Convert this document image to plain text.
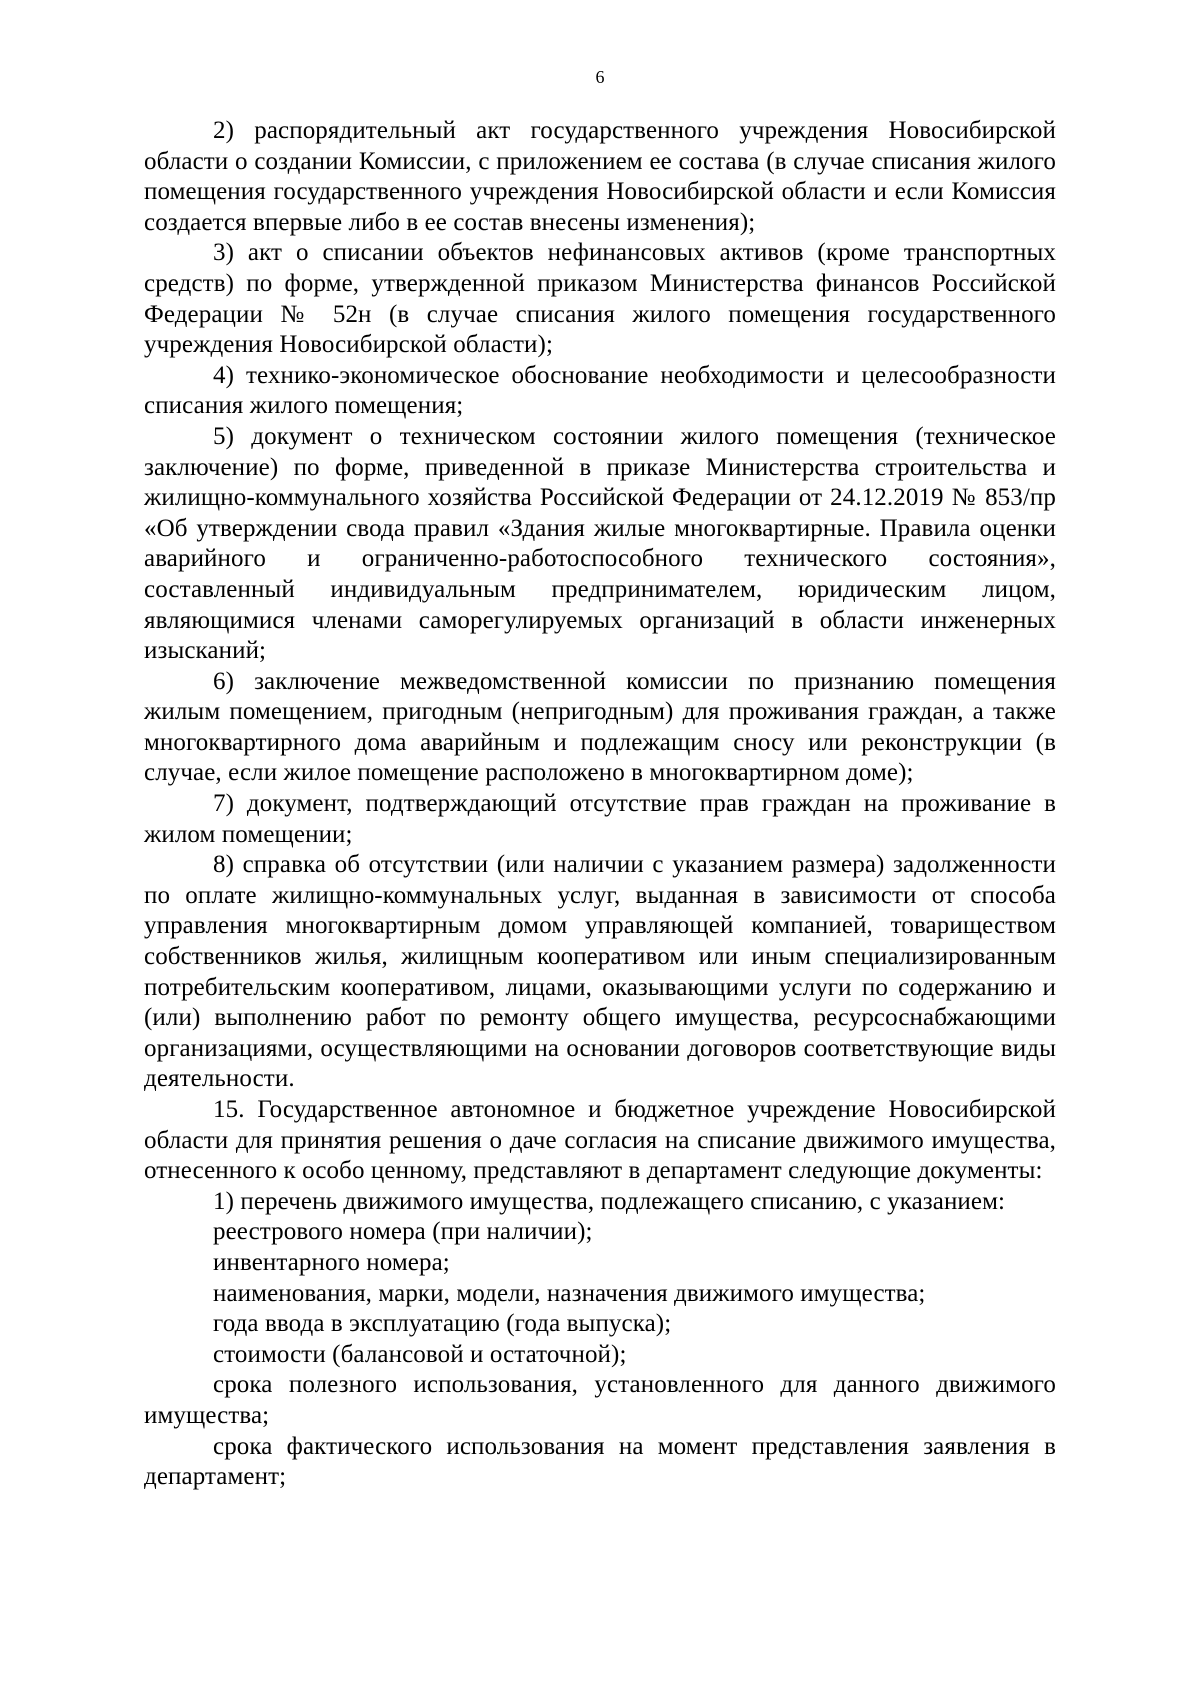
6

2) распорядительный акт государственного учреждения Новосибирской области о создании Комиссии, с приложением ее состава (в случае списания жилого помещения государственного учреждения Новосибирской области и если Комиссия создается впервые либо в ее состав внесены изменения);

3) акт о списании объектов нефинансовых активов (кроме транспортных средств) по форме, утвержденной приказом Министерства финансов Российской Федерации № 52н (в случае списания жилого помещения государственного учреждения Новосибирской области);

4) технико-экономическое обоснование необходимости и целесообразности списания жилого помещения;

5) документ о техническом состоянии жилого помещения (техническое заключение) по форме, приведенной в приказе Министерства строительства и жилищно-коммунального хозяйства Российской Федерации от 24.12.2019 № 853/пр «Об утверждении свода правил «Здания жилые многоквартирные. Правила оценки аварийного и ограниченно-работоспособного технического состояния», составленный индивидуальным предпринимателем, юридическим лицом, являющимися членами саморегулируемых организаций в области инженерных изысканий;

6) заключение межведомственной комиссии по признанию помещения жилым помещением, пригодным (непригодным) для проживания граждан, а также многоквартирного дома аварийным и подлежащим сносу или реконструкции (в случае, если жилое помещение расположено в многоквартирном доме);

7) документ, подтверждающий отсутствие прав граждан на проживание в жилом помещении;

8) справка об отсутствии (или наличии с указанием размера) задолженности по оплате жилищно-коммунальных услуг, выданная в зависимости от способа управления многоквартирным домом управляющей компанией, товариществом собственников жилья, жилищным кооперативом или иным специализированным потребительским кооперативом, лицами, оказывающими услуги по содержанию и (или) выполнению работ по ремонту общего имущества, ресурсоснабжающими организациями, осуществляющими на основании договоров соответствующие виды деятельности.

15. Государственное автономное и бюджетное учреждение Новосибирской области для принятия решения о даче согласия на списание движимого имущества, отнесенного к особо ценному, представляют в департамент следующие документы:

1) перечень движимого имущества, подлежащего списанию, с указанием:

реестрового номера (при наличии);

инвентарного номера;

наименования, марки, модели, назначения движимого имущества;

года ввода в эксплуатацию (года выпуска);

стоимости (балансовой и остаточной);

срока полезного использования, установленного для данного движимого имущества;

срока фактического использования на момент представления заявления в департамент;
